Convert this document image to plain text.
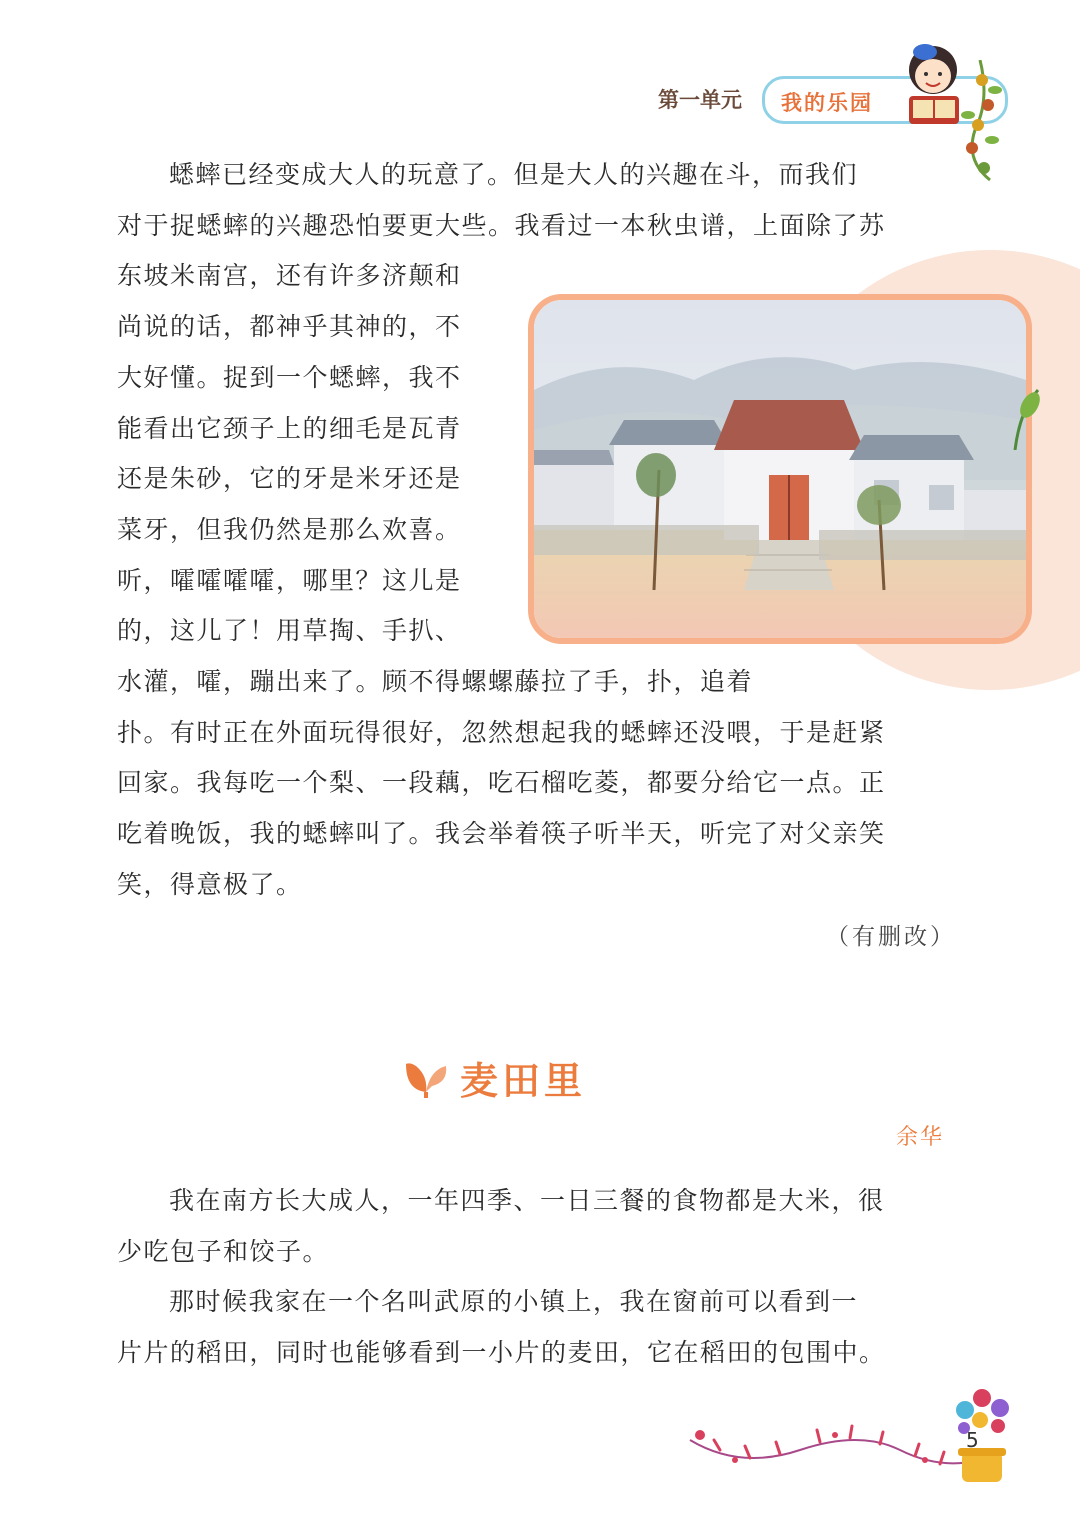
第一单元 我的乐园
蟋蟀已经变成大人的玩意了。但是大人的兴趣在斗，而我们
对于捉蟋蟀的兴趣恐怕要更大些。我看过一本秋虫谱，上面除了苏
东坡米南宫，还有许多济颠和
尚说的话，都神乎其神的，不
大好懂。捉到一个蟋蟀，我不
能看出它颈子上的细毛是瓦青
还是朱砂，它的牙是米牙还是
菜牙，但我仍然是那么欢喜。
听，嚯嚯嚯嚯，哪里？这儿是
的，这儿了！用草掏、手扒、
水灌，嚯，蹦出来了。顾不得螺螺藤拉了手，扑，追着
扑。有时正在外面玩得很好，忽然想起我的蟋蟀还没喂，于是赶紧
回家。我每吃一个梨、一段藕，吃石榴吃菱，都要分给它一点。正
吃着晚饭，我的蟋蟀叫了。我会举着筷子听半天，听完了对父亲笑
笑，得意极了。
（有删改）
麦田里
余华
我在南方长大成人，一年四季、一日三餐的食物都是大米，很
少吃包子和饺子。
那时候我家在一个名叫武原的小镇上，我在窗前可以看到一
片片的稻田，同时也能够看到一小片的麦田，它在稻田的包围中。
5
